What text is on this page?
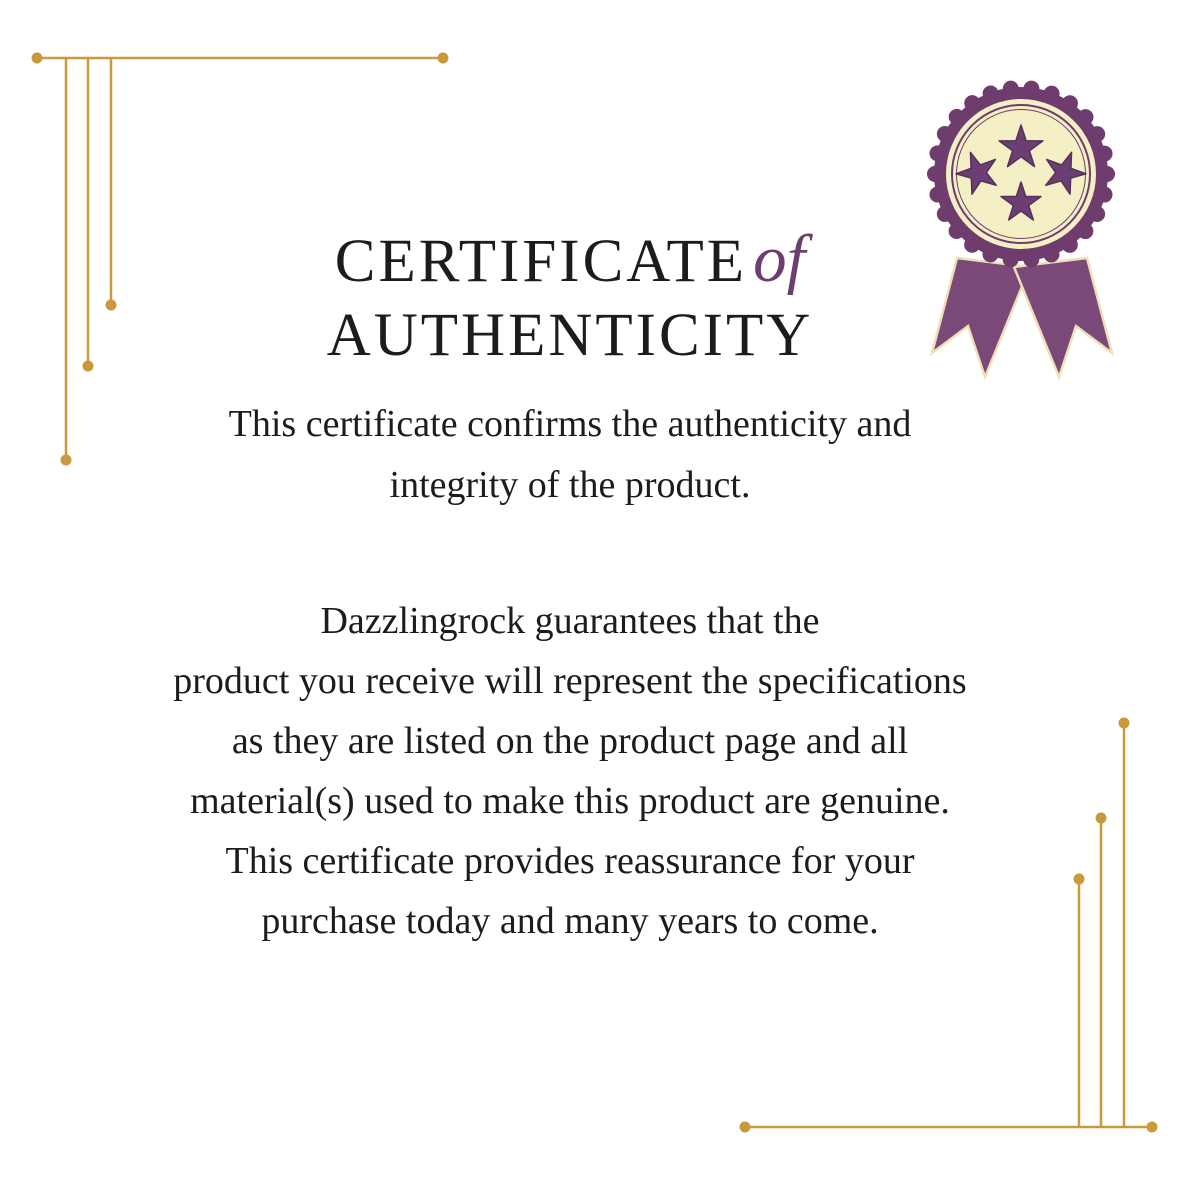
CERTIFICATEof
AUTHENTICITY

This certificate confirms the authenticity and
integrity of the product.

Dazzlingrock guarantees that the
product you receive will represent the specifications
as they are listed on the product page and all
material(s) used to make this product are genuine.
This certificate provides reassurance for your
purchase today and many years to come.
